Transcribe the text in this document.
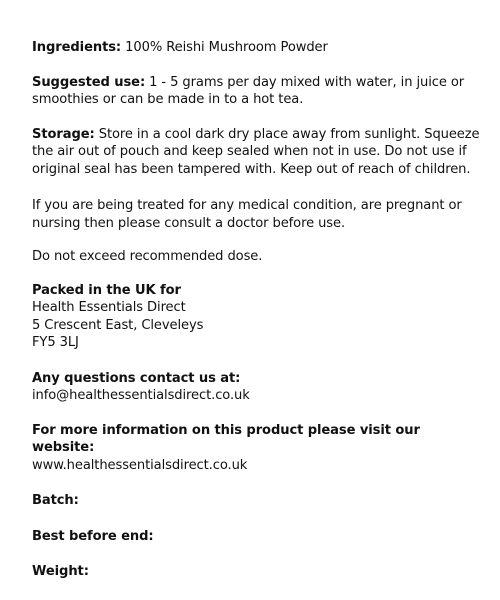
Ingredients: 100% Reishi Mushroom Powder

Suggested use: 1 - 5 grams per day mixed with water, in juice or smoothies or can be made in to a hot tea.

Storage: Store in a cool dark dry place away from sunlight. Squeeze the air out of pouch and keep sealed when not in use. Do not use if original seal has been tampered with. Keep out of reach of children.

If you are being treated for any medical condition, are pregnant or nursing then please consult a doctor before use.

Do not exceed recommended dose.

Packed in the UK for
Health Essentials Direct
5 Crescent East, Cleveleys
FY5 3LJ
Any questions contact us at:
info@healthessentialsdirect.co.uk
For more information on this product please visit our website:
www.healthessentialsdirect.co.uk

Batch:

Best before end:

Weight:
